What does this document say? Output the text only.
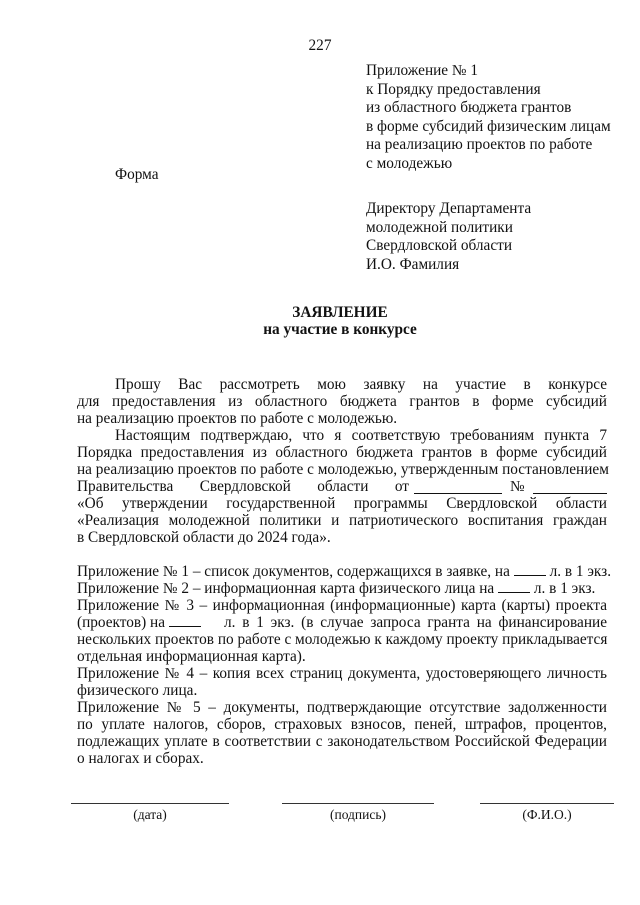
227
Приложение № 1
к Порядку предоставления
из областного бюджета грантов
в форме субсидий физическим лицам
на реализацию проектов по работе
с молодежью
Форма
Директору Департамента
молодежной политики
Свердловской области
И.О. Фамилия
ЗАЯВЛЕНИЕ
на участие в конкурсе
Прошу Вас рассмотреть мою заявку на участие в конкурсе
для предоставления из областного бюджета грантов в форме субсидий
на реализацию проектов по работе с молодежью.
Настоящим подтверждаю, что я соответствую требованиям пункта 7
Порядка предоставления из областного бюджета грантов в форме субсидий
на реализацию проектов по работе с молодежью, утвержденным постановлением
Правительства Свердловской области от	№
«Об утверждении государственной программы Свердловской области
«Реализация молодежной политики и патриотического воспитания граждан
в Свердловской области до 2024 года».
Приложение № 1 – список документов, содержащихся в заявке, на	л. в 1 экз.
Приложение № 2 – информационная карта физического лица на	л. в 1 экз.
Приложение № 3 – информационная (информационные) карта (карты) проекта
(проектов) на	л. в 1 экз. (в случае запроса гранта на финансирование
нескольких проектов по работе с молодежью к каждому проекту прикладывается
отдельная информационная карта).
Приложение № 4 – копия всех страниц документа, удостоверяющего личность
физического лица.
Приложение № 5 – документы, подтверждающие отсутствие задолженности
по уплате налогов, сборов, страховых взносов, пеней, штрафов, процентов,
подлежащих уплате в соответствии с законодательством Российской Федерации
о налогах и сборах.
(дата)	(подпись)	(Ф.И.О.)
